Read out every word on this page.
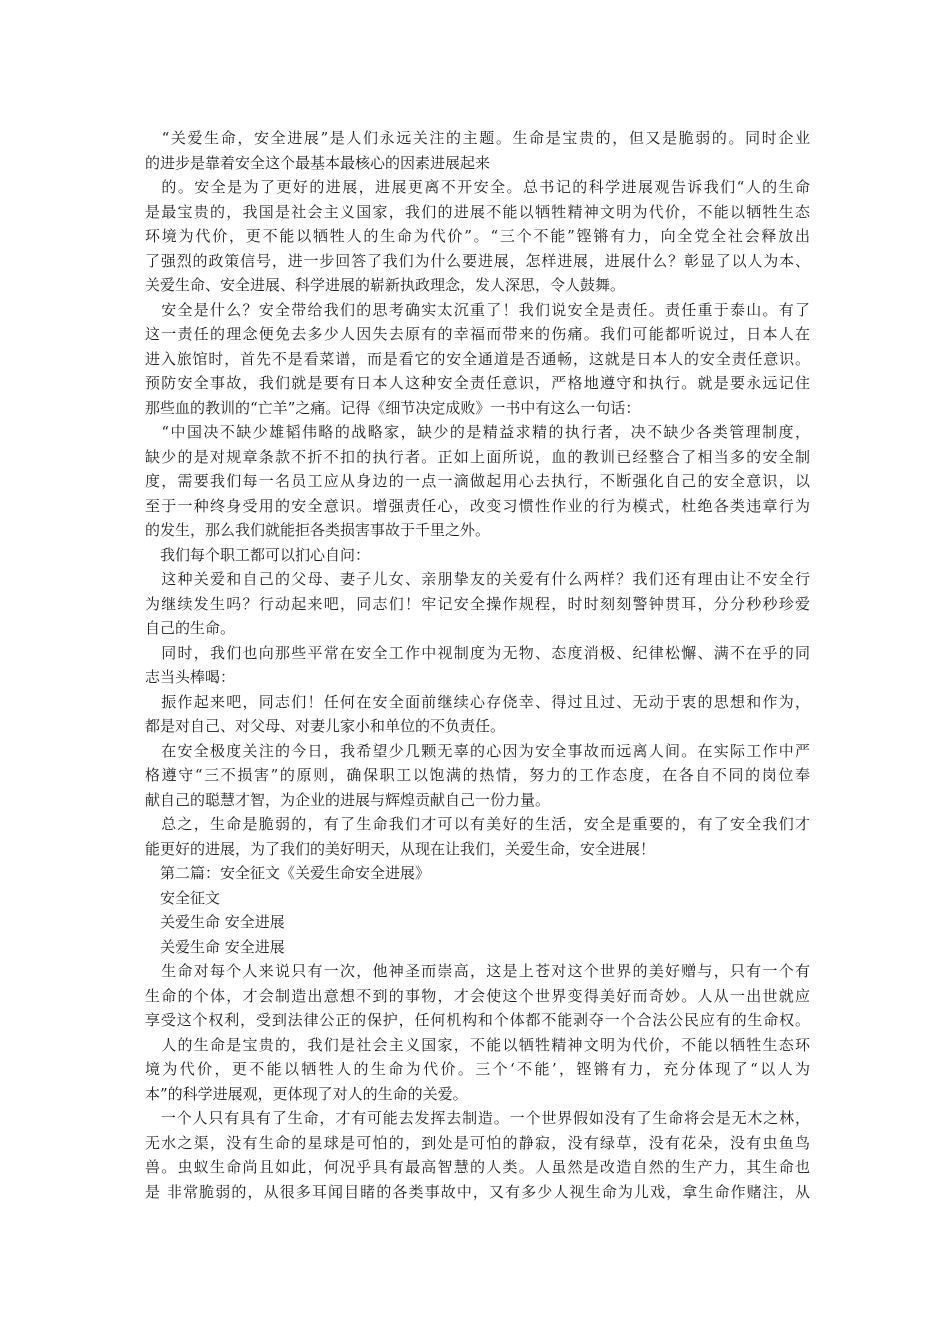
　“关爱生命，安全进展”是人们永远关注的主题。生命是宝贵的，但又是脆弱的。同时企业
的进步是靠着安全这个最基本最核心的因素进展起来
　的。安全是为了更好的进展，进展更离不开安全。总书记的科学进展观告诉我们“人的生命
是最宝贵的，我国是社会主义国家，我们的进展不能以牺牲精神文明为代价，不能以牺牲生态
环境为代价，更不能以牺牲人的生命为代价”。“三个不能”铿锵有力，向全党全社会释放出
了强烈的政策信号，进一步回答了我们为什么要进展，怎样进展，进展什么？彰显了以人为本、
关爱生命、安全进展、科学进展的崭新执政理念，发人深思，令人鼓舞。
　安全是什么？安全带给我们的思考确实太沉重了！我们说安全是责任。责任重于泰山。有了
这一责任的理念便免去多少人因失去原有的幸福而带来的伤痛。我们可能都听说过，日本人在
进入旅馆时，首先不是看菜谱，而是看它的安全通道是否通畅，这就是日本人的安全责任意识。
预防安全事故，我们就是要有日本人这种安全责任意识，严格地遵守和执行。就是要永远记住
那些血的教训的“亡羊”之痛。记得《细节决定成败》一书中有这么一句话：
　“中国决不缺少雄韬伟略的战略家，缺少的是精益求精的执行者，决不缺少各类管理制度，
缺少的是对规章条款不折不扣的执行者。正如上面所说，血的教训已经整合了相当多的安全制
度，需要我们每一名员工应从身边的一点一滴做起用心去执行，不断强化自己的安全意识，以
至于一种终身受用的安全意识。增强责任心，改变习惯性作业的行为模式，杜绝各类违章行为
的发生，那么我们就能拒各类损害事故于千里之外。
　我们每个职工都可以扪心自问：
　这种关爱和自己的父母、妻子儿女、亲朋挚友的关爱有什么两样？我们还有理由让不安全行
为继续发生吗？行动起来吧，同志们！牢记安全操作规程，时时刻刻警钟贯耳，分分秒秒珍爱
自己的生命。
　同时，我们也向那些平常在安全工作中视制度为无物、态度消极、纪律松懈、满不在乎的同
志当头棒喝：
　振作起来吧，同志们！任何在安全面前继续心存侥幸、得过且过、无动于衷的思想和作为，
都是对自己、对父母、对妻儿家小和单位的不负责任。
　在安全极度关注的今日，我希望少几颗无辜的心因为安全事故而远离人间。在实际工作中严
格遵守“三不损害”的原则，确保职工以饱满的热情，努力的工作态度，在各自不同的岗位奉
献自己的聪慧才智，为企业的进展与辉煌贡献自己一份力量。
　总之，生命是脆弱的，有了生命我们才可以有美好的生活，安全是重要的，有了安全我们才
能更好的进展，为了我们的美好明天，从现在让我们，关爱生命，安全进展！
　第二篇：安全征文《关爱生命安全进展》
　安全征文
　关爱生命 安全进展
　关爱生命 安全进展
　生命对每个人来说只有一次，他神圣而崇高，这是上苍对这个世界的美好赠与，只有一个有
生命的个体，才会制造出意想不到的事物，才会使这个世界变得美好而奇妙。人从一出世就应
享受这个权利，受到法律公正的保护，任何机构和个体都不能剥夺一个合法公民应有的生命权。
　人的生命是宝贵的，我们是社会主义国家，不能以牺牲精神文明为代价，不能以牺牲生态环
境为代价，更不能以牺牲人的生命为代价。三个‘不能’，铿锵有力，充分体现了“以人为
本”的科学进展观，更体现了对人的生命的关爱。
　一个人只有具有了生命，才有可能去发挥去制造。一个世界假如没有了生命将会是无木之林，
无水之渠，没有生命的星球是可怕的，到处是可怕的静寂，没有绿草，没有花朵，没有虫鱼鸟
兽。虫蚁生命尚且如此，何况乎具有最高智慧的人类。人虽然是改造自然的生产力，其生命也
是 非常脆弱的，从很多耳闻目睹的各类事故中，又有多少人视生命为儿戏，拿生命作赌注，从
